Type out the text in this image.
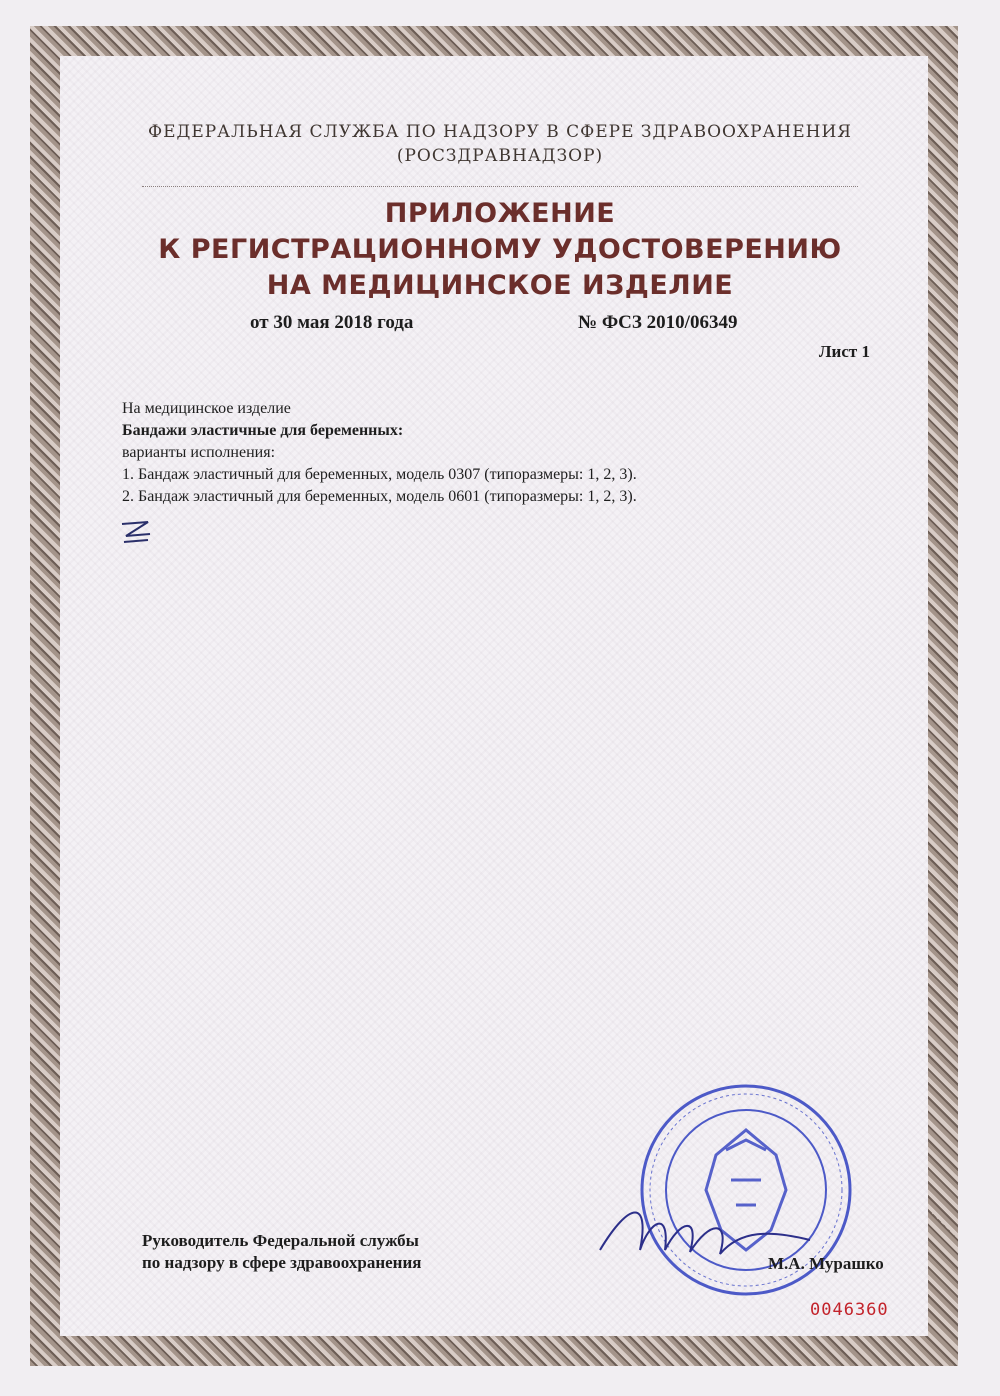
ФЕДЕРАЛЬНАЯ СЛУЖБА ПО НАДЗОРУ В СФЕРЕ ЗДРАВООХРАНЕНИЯ
(РОСЗДРАВНАДЗОР)
ПРИЛОЖЕНИЕ
К РЕГИСТРАЦИОННОМУ УДОСТОВЕРЕНИЮ
НА МЕДИЦИНСКОЕ ИЗДЕЛИЕ
от 30 мая 2018 года	№ ФСЗ 2010/06349
Лист 1
На медицинское изделие
Бандажи эластичные для беременных:
варианты исполнения:
1. Бандаж эластичный для беременных, модель 0307 (типоразмеры: 1, 2, 3).
2. Бандаж эластичный для беременных, модель 0601 (типоразмеры: 1, 2, 3).
Руководитель Федеральной службы
по надзору в сфере здравоохранения	М.А. Мурашко
0046360
